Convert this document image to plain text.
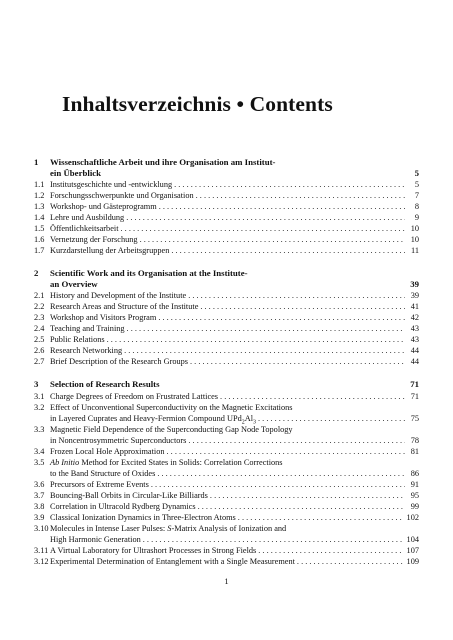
Inhaltsverzeichnis • Contents
1 Wissenschaftliche Arbeit und ihre Organisation am Institut-
ein Überblick	5
1.1 Institutsgeschichte und -entwicklung . . .	5
1.2 Forschungsschwerpunkte und Organisation . . .	7
1.3 Workshop- und Gästeprogramm . . .	8
1.4 Lehre und Ausbildung . . .	9
1.5 Öffentlichkeitsarbeit . . .	10
1.6 Vernetzung der Forschung . . .	10
1.7 Kurzdarstellung der Arbeitsgruppen . . .	11
2 Scientific Work and its Organisation at the Institute-
an Overview	39
2.1 History and Development of the Institute . . .	39
2.2 Research Areas and Structure of the Institute . . .	41
2.3 Workshop and Visitors Program . . .	42
2.4 Teaching and Training . . .	43
2.5 Public Relations . . .	43
2.6 Research Networking . . .	44
2.7 Brief Description of the Research Groups . . .	44
3 Selection of Research Results	71
3.1 Charge Degrees of Freedom on Frustrated Lattices . . .	71
3.2 Effect of Unconventional Superconductivity on the Magnetic Excitations
in Layered Cuprates and Heavy-Fermion Compound $UPd_2Al_3$ . . .	75
3.3 Magnetic Field Dependence of the Superconducting Gap Node Topology
in Noncentrosymmetric Superconductors . . .	78
3.4 Frozen Local Hole Approximation . . .	81
3.5 Ab Initio Method for Excited States in Solids: Correlation Corrections
to the Band Structure of Oxides . . .	86
3.6 Precursors of Extreme Events . . .	91
3.7 Bouncing-Ball Orbits in Circular-Like Billiards . . .	95
3.8 Correlation in Ultracold Rydberg Dynamics . . .	99
3.9 Classical Ionization Dynamics in Three-Electron Atoms . . .	102
3.10 Molecules in Intense Laser Pulses: S-Matrix Analysis of Ionization and
High Harmonic Generation . . .	104
3.11 A Virtual Laboratory for Ultrashort Processes in Strong Fields . . .	107
3.12 Experimental Determination of Entanglement with a Single Measurement . . .	109
1
